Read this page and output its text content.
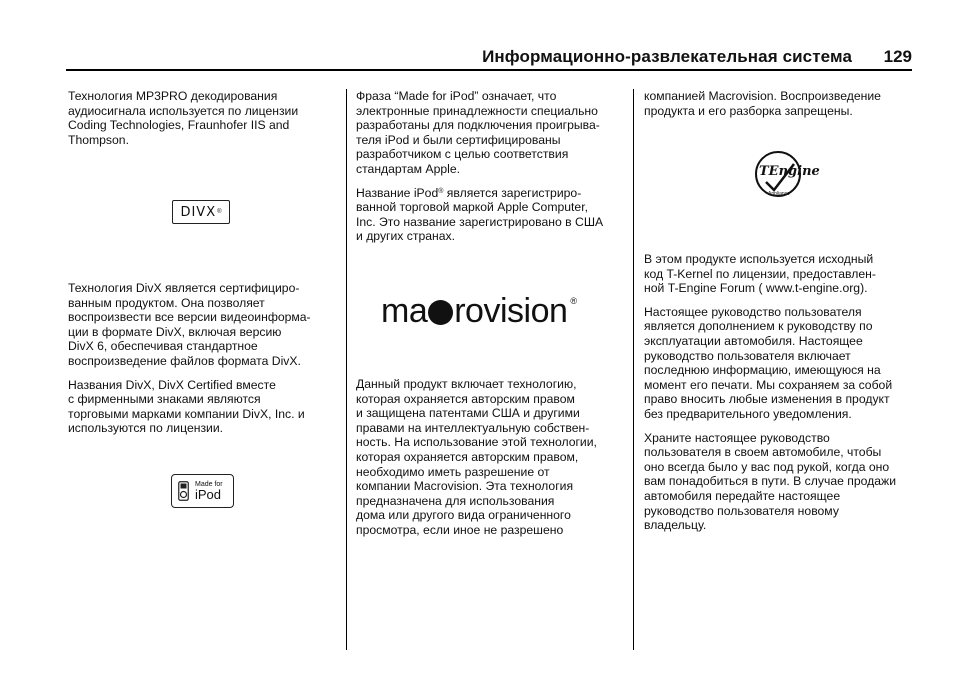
Информационно-развлекательная система 129

Технология MP3PRO декодирования
аудиосигнала используется по лицензии
Coding Technologies, Fraunhofer IIS and
Thompson.

DIVX ®

Технология DivX является сертифициро-
ванным продуктом. Она позволяет
воспроизвести все версии видеоинформа-
ции в формате DivX, включая версию
DivX 6, обеспечивая стандартное
воспроизведение файлов формата DivX.

Названия DivX, DivX Certified вместе
с фирменными знаками являются
торговыми марками компании DivX, Inc. и
используются по лицензии.

Made for
iPod

Фраза “Made for iPod” означает, что
электронные принадлежности специально
разработаны для подключения проигрыва-
теля iPod и были сертифицированы
разработчиком с целью соответствия
стандартам Apple.

Название iPod® является зарегистриро-
ванной торговой маркой Apple Computer,
Inc. Это название зарегистрировано в США
и других странах.

ma rovision ®

Данный продукт включает технологию,
которая охраняется авторским правом
и защищена патентами США и другими
правами на интеллектуальную собствен-
ность. На использование этой технологии,
которая охраняется авторским правом,
необходимо иметь разрешение от
компании Macrovision. Эта технология
предназначена для использования
дома или другого вида ограниченного
просмотра, если иное не разрешено

компанией Macrovision. Воспроизведение
продукта и его разборка запрещены.

TEngine
Appliance

В этом продукте используется исходный
код T-Kernel по лицензии, предоставлен-
ной T-Engine Forum ( www.t-engine.org).

Настоящее руководство пользователя
является дополнением к руководству по
эксплуатации автомобиля. Настоящее
руководство пользователя включает
последнюю информацию, имеющуюся на
момент его печати. Мы сохраняем за собой
право вносить любые изменения в продукт
без предварительного уведомления.

Храните настоящее руководство
пользователя в своем автомобиле, чтобы
оно всегда было у вас под рукой, когда оно
вам понадобиться в пути. В случае продажи
автомобиля передайте настоящее
руководство пользователя новому
владельцу.
